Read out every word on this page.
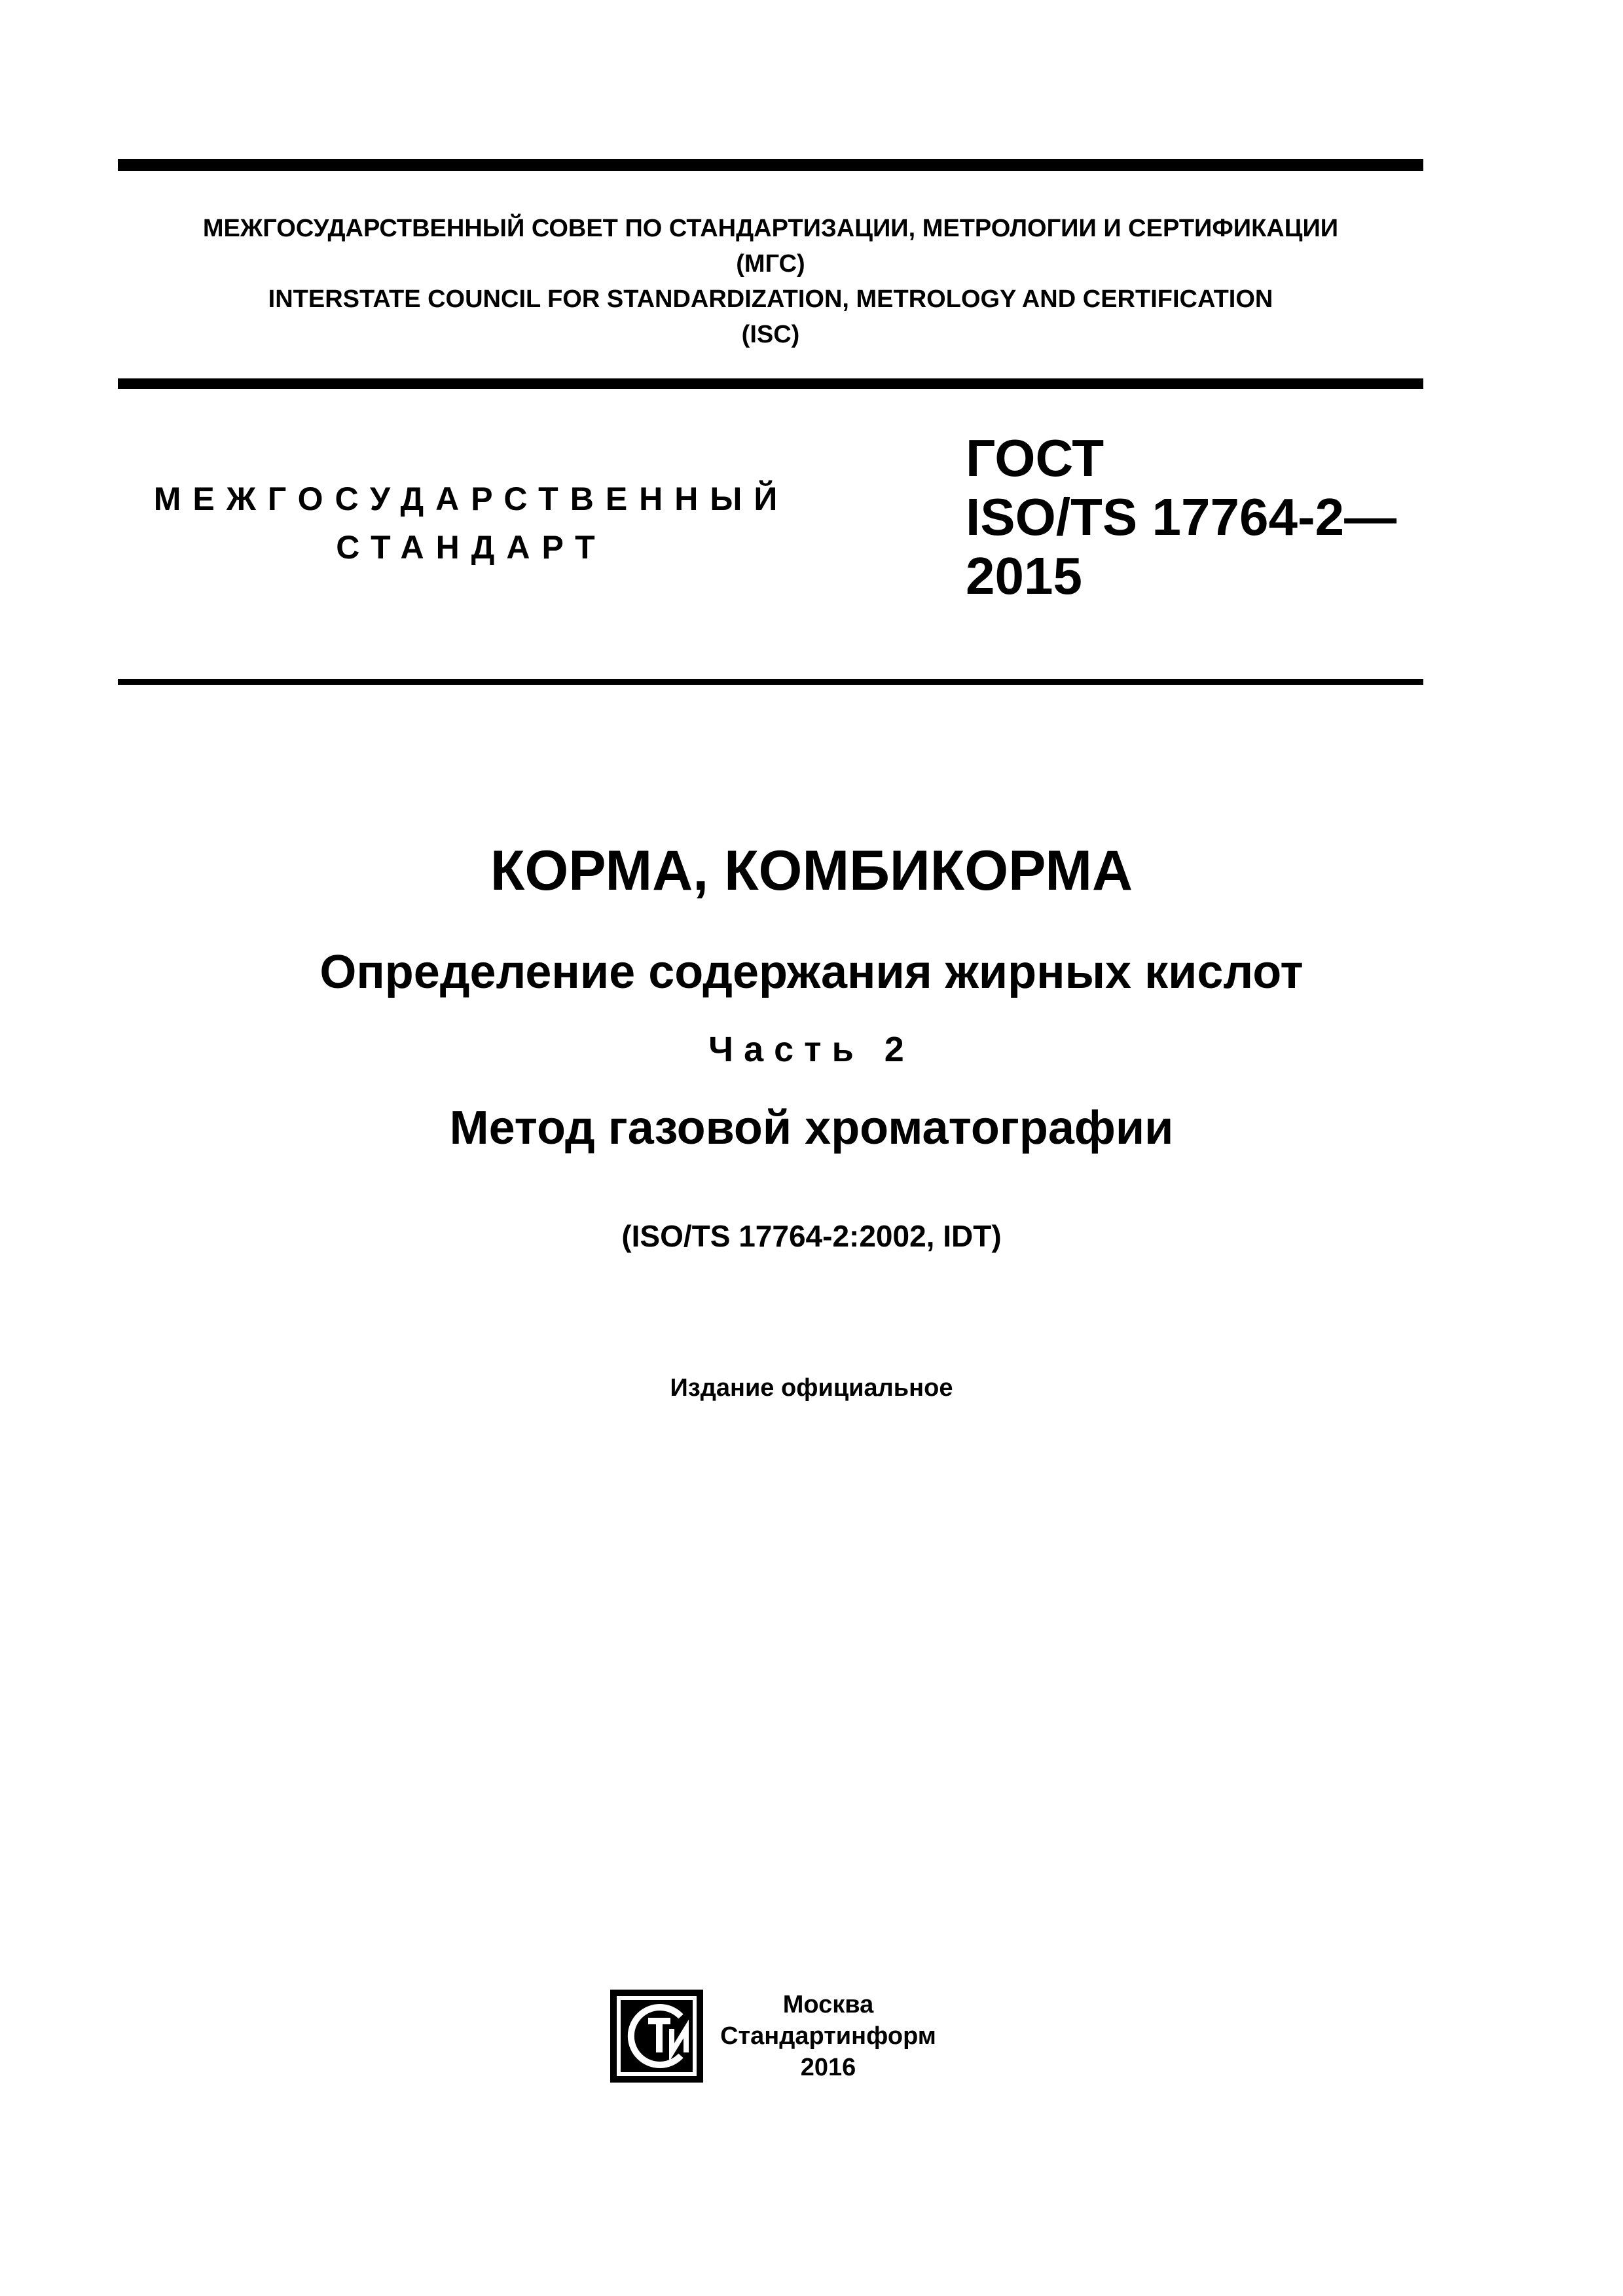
МЕЖГОСУДАРСТВЕННЫЙ СОВЕТ ПО СТАНДАРТИЗАЦИИ, МЕТРОЛОГИИ И СЕРТИФИКАЦИИ
(МГС)
INTERSTATE COUNCIL FOR STANDARDIZATION, METROLOGY AND CERTIFICATION
(ISC)
МЕЖГОСУДАРСТВЕННЫЙ
СТАНДАРТ
ГОСТ
ISO/TS 17764-2—
2015
КОРМА, КОМБИКОРМА
Определение содержания жирных кислот
Часть 2
Метод газовой хроматографии
(ISO/TS 17764-2:2002, IDT)
Издание официальное
Москва
Стандартинформ
2016
